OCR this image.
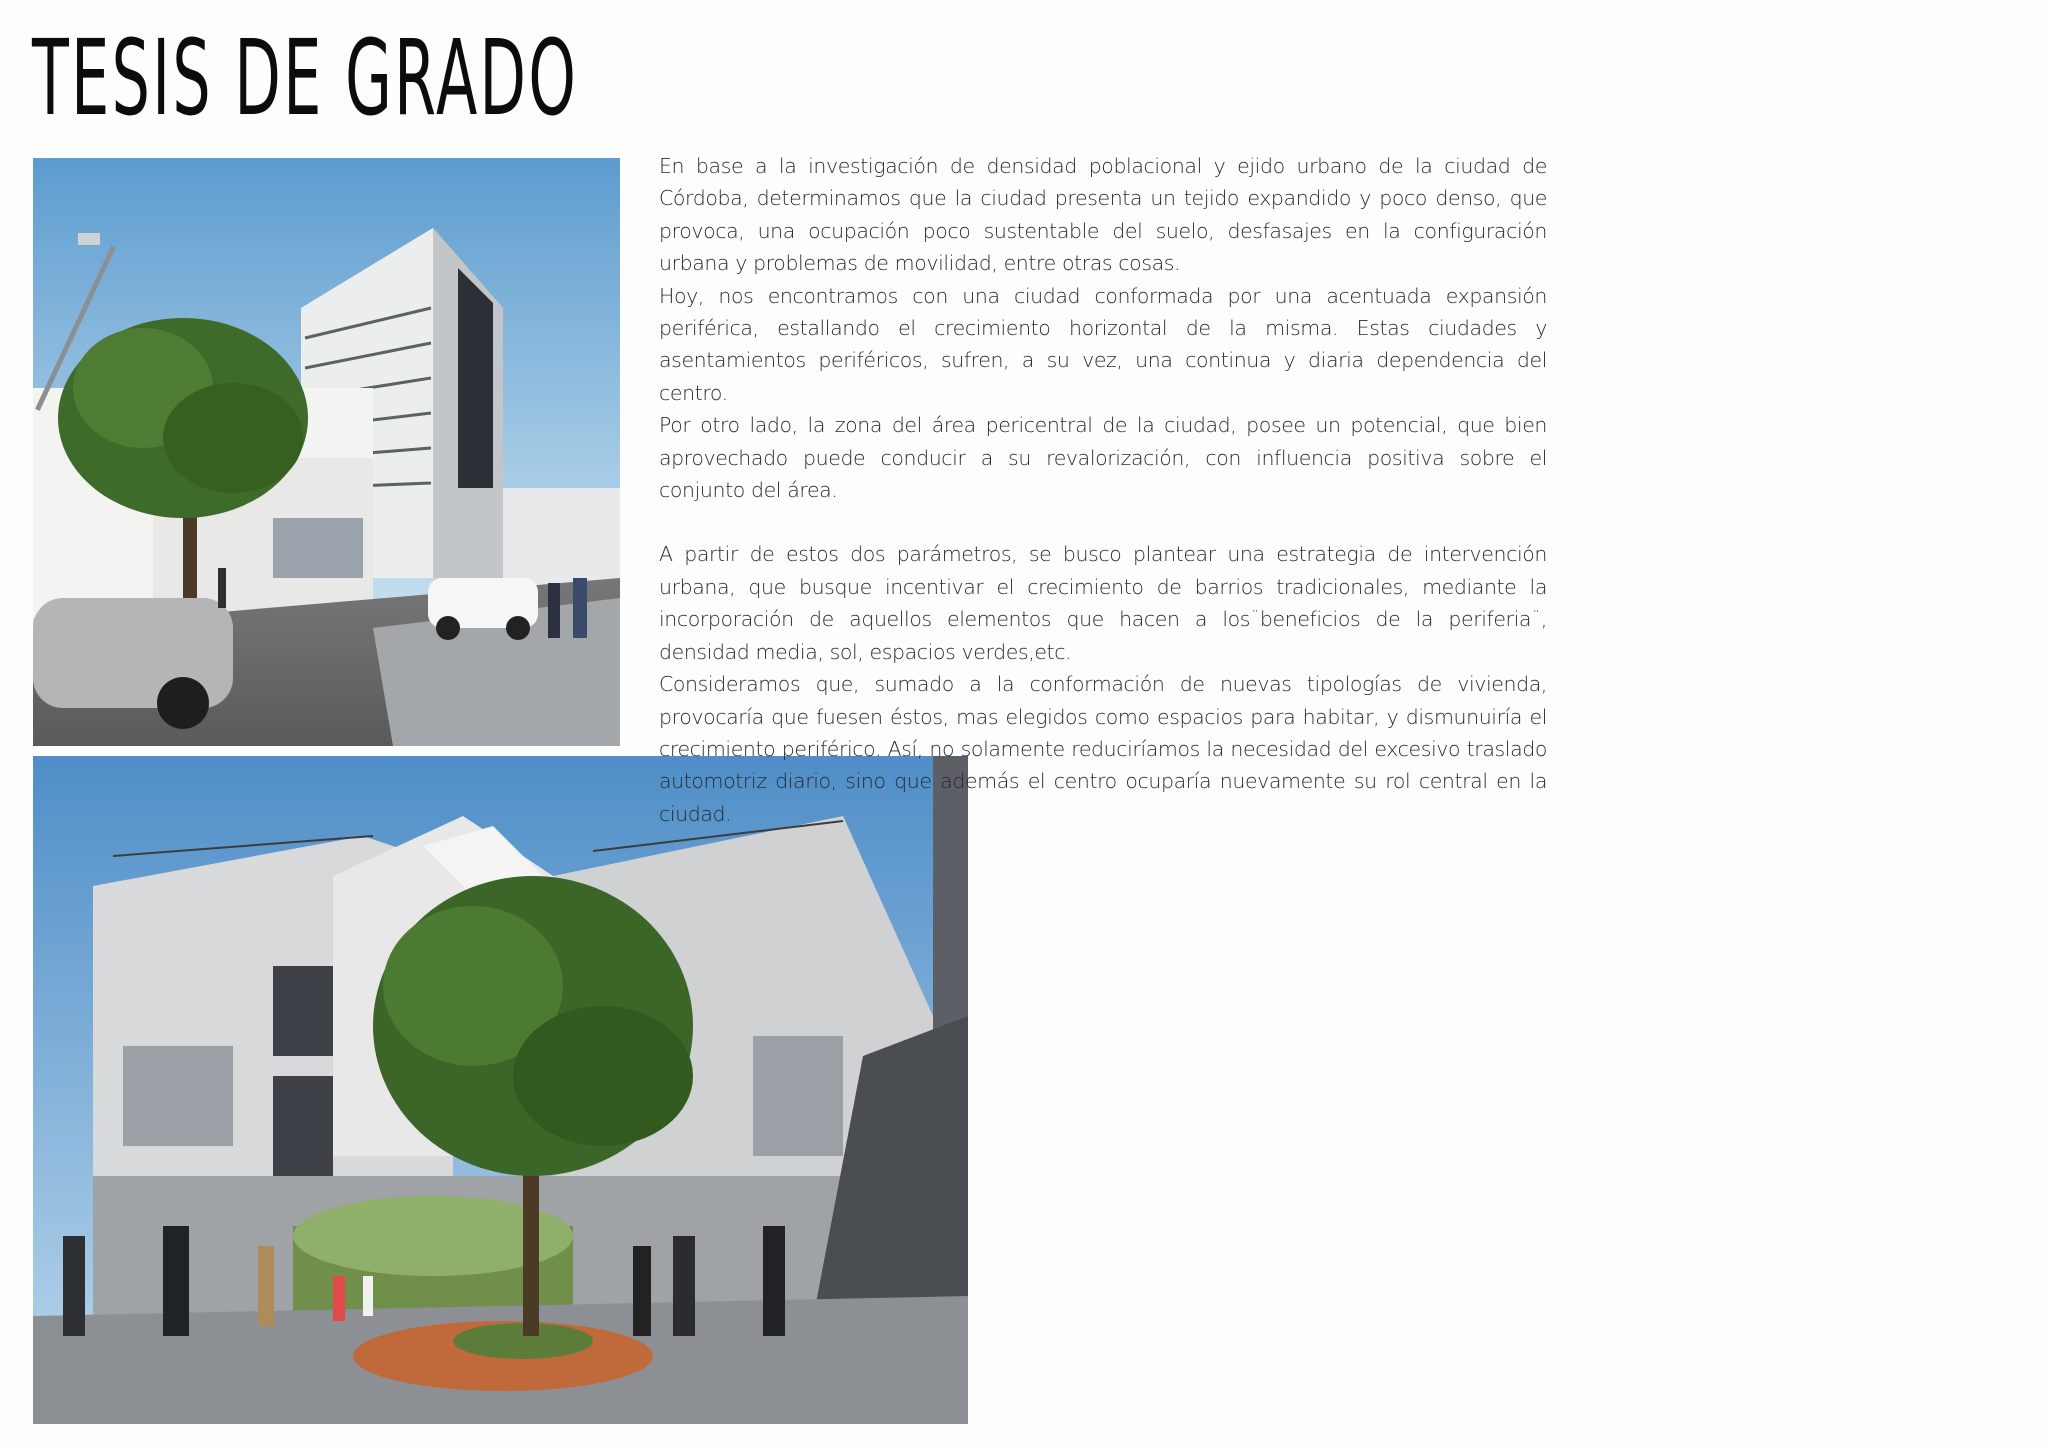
TESIS DE GRADO

En base a la investigación de densidad poblacional y ejido urbano de la ciudad de Córdoba, determinamos que la ciudad presenta un tejido expandido y poco denso, que provoca, una ocupación poco sustentable del suelo, desfasajes en la configuración urbana y problemas de movilidad, entre otras cosas.

Hoy, nos encontramos con una ciudad conformada por una acentuada expansión periférica, estallando el crecimiento horizontal de la misma. Estas ciudades y asentamientos periféricos, sufren, a su vez, una continua y diaria dependencia del centro.

Por otro lado, la zona del área pericentral de la ciudad, posee un potencial, que bien aprovechado puede conducir a su revalorización, con influencia positiva sobre el conjunto del área.

A partir de estos dos parámetros, se busco plantear una estrategia de intervención urbana, que busque incentivar el crecimiento de barrios tradicionales, mediante la incorporación de aquellos elementos que hacen a los¨beneficios de la periferia¨, densidad media, sol, espacios verdes,etc.

Consideramos que, sumado a la conformación de nuevas tipologías de vivienda, provocaría que fuesen éstos, mas elegidos como espacios para habitar, y dismunuiría el crecimiento periférico. Así, no solamente reduciríamos la necesidad del excesivo traslado automotriz diario, sino que además el centro ocuparía nuevamente su rol central en la ciudad.
